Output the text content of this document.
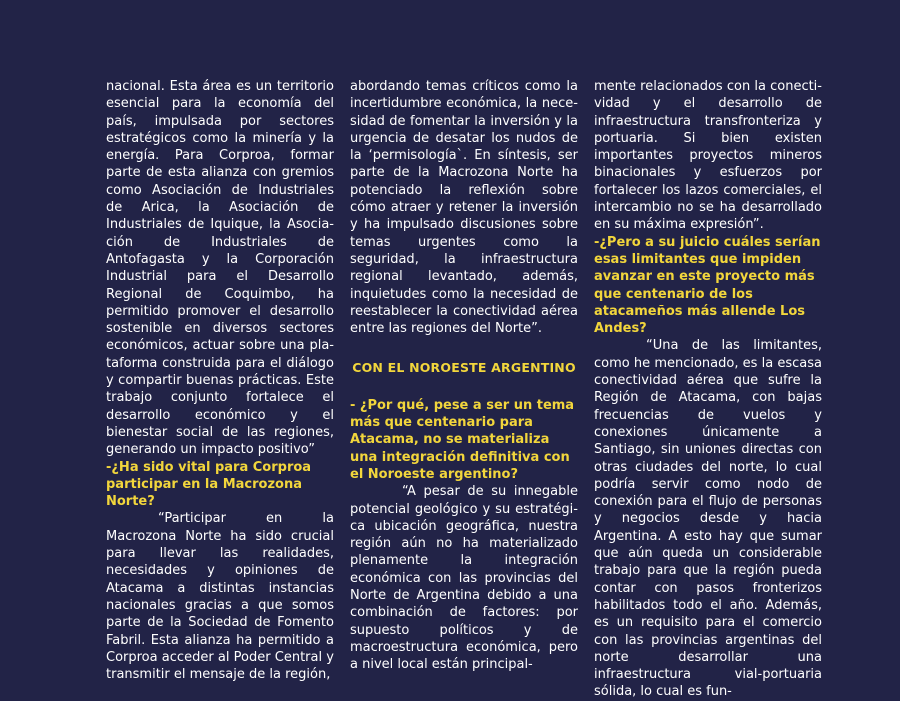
nacional. Esta área es un territorio esencial para la economía del país, impulsada por sectores estratégicos como la minería y la energía. Para Corproa, formar parte de esta alianza con gremios como Asociación de Industriales de Arica, la Asociación de Industriales de Iquique, la Asociación de Industriales de Antofagasta y la Corporación Industrial para el Desarrollo Regional de Coquimbo, ha permitido promover el desarrollo sostenible en diversos sectores económicos, actuar sobre una plataforma construida para el diálogo y compartir buenas prácticas. Este trabajo conjunto fortalece el desarrollo económico y el bienestar social de las regiones, generando un impacto positivo”

-¿Ha sido vital para Corproa participar en la Macrozona Norte?

“Participar en la Macrozona Norte ha sido crucial para llevar las realidades, necesidades y opiniones de Atacama a distintas instancias nacionales gracias a que somos parte de la Sociedad de Fomento Fabril. Esta alianza ha permitido a Corproa acceder al Poder Central y transmitir el mensaje de la región,

abordando temas críticos como la incertidumbre económica, la necesidad de fomentar la inversión y la urgencia de desatar los nudos de la ‘permisología`. En síntesis, ser parte de la Macrozona Norte ha potenciado la reflexión sobre cómo atraer y retener la inversión y ha impulsado discusiones sobre temas urgentes como la seguridad, la infraestructura regional levantado, además, inquietudes como la necesidad de reestablecer la conectividad aérea entre las regiones del Norte”.

CON EL NOROESTE ARGENTINO

- ¿Por qué, pese a ser un tema más que centenario para Atacama, no se materializa una integración definitiva con el Noroeste argentino?

“A pesar de su innegable potencial geológico y su estratégica ubicación geográfica, nuestra región aún no ha materializado plenamente la integración económica con las provincias del Norte de Argentina debido a una combinación de factores: por supuesto políticos y de macroestructura económica, pero a nivel local están principal-

mente relacionados con la conectividad y el desarrollo de infraestructura transfronteriza y portuaria. Si bien existen importantes proyectos mineros binacionales y esfuerzos por fortalecer los lazos comerciales, el intercambio no se ha desarrollado en su máxima expresión”.

-¿Pero a su juicio cuáles serían esas limitantes que impiden avanzar en este proyecto más que centenario de los atacameños más allende Los Andes?

“Una de las limitantes, como he mencionado, es la escasa conectividad aérea que sufre la Región de Atacama, con bajas frecuencias de vuelos y conexiones únicamente a Santiago, sin uniones directas con otras ciudades del norte, lo cual podría servir como nodo de conexión para el flujo de personas y negocios desde y hacia Argentina. A esto hay que sumar que aún queda un considerable trabajo para que la región pueda contar con pasos fronterizos habilitados todo el año. Además, es un requisito para el comercio con las provincias argentinas del norte desarrollar una infraestructura vial-portuaria sólida, lo cual es fun-
